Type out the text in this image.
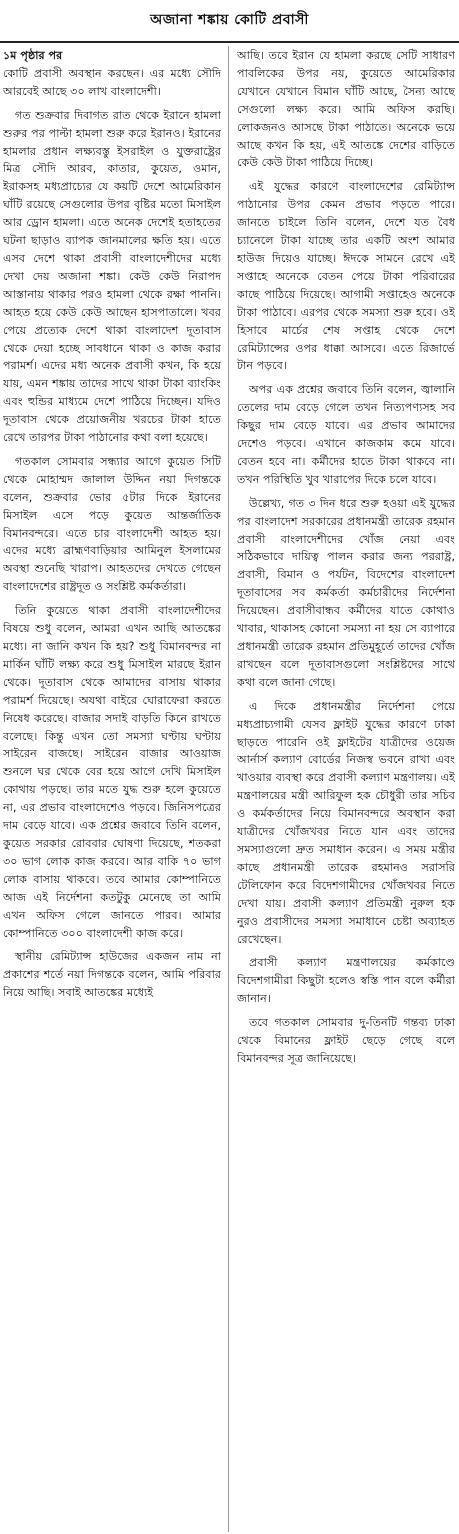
অজানা শঙ্কায় কোটি প্রবাসী
১ম পৃষ্ঠার পর

কোটি প্রবাসী অবস্থান করছেন। এর মধ্যে সৌদি আরবেই আছে ৩০ লাখ বাংলাদেশী।

গত শুক্রবার দিবাগত রাত থেকে ইরানে হামলা শুরুর পর পাল্টা হামলা শুরু করে ইরানও। ইরানের হামলার প্রধান লক্ষ্যবস্তু ইসরাইল ও যুক্তরাষ্ট্রের মিত্র সৌদি আরব, কাতার, কুয়েত, ওমান, ইরাকসহ মধ্যপ্রাচ্যের যে কয়টি দেশে আমেরিকান ঘাঁটি রয়েছে সেগুলোর উপর বৃষ্টির মতো মিসাইল আর ড্রোন হামলা। এতে অনেক দেশেই হতাহতের ঘটনা ছাড়াও ব্যাপক জানমালের ক্ষতি হয়। এতে এসব দেশে থাকা প্রবাসী বাংলাদেশীদের মধ্যে দেখা দেয় অজানা শঙ্কা। কেউ কেউ নিরাপদ আস্তানায় থাকার পরও হামলা থেকে রক্ষা পাননি। আহত হয়ে কেউ কেউ আছেন হাসপাতালে। খবর পেয়ে প্রত্যেক দেশে থাকা বাংলাদেশ দূতাবাস থেকে দেয়া হচ্ছে সাবধানে থাকা ও কাজ করার পরামর্শ। এদের মধ্য অনেক প্রবাসী কখন, কি হয়ে যায়, এমন শঙ্কায় তাদের সাথে থাকা টাকা ব্যাংকিং এবং হুন্ডির মাধ্যমে দেশে পাঠিয়ে দিচ্ছেন। যদিও দূতাবাস থেকে প্রয়োজনীয় খরচের টাকা হাতে রেখে তারপর টাকা পাঠানোর কথা বলা হয়েছে।

গতকাল সোমবার সন্ধ্যার আগে কুয়েত সিটি থেকে মোহাম্মদ জালাল উদ্দিন নয়া দিগন্তকে বলেন, শুক্রবার ভোর ৫টার দিকে ইরানের মিসাইল এসে পড়ে কুয়েত আন্তর্জাতিক বিমানবন্দরে। এতে চার বাংলাদেশী আহত হয়। এদের মধ্যে ব্রাহ্মণবাড়িয়ার আমিনুল ইসলামের অবস্থা শুনেছি খারাপ। আহতদের দেখতে গেছেন বাংলাদেশের রাষ্ট্রদূত ও সংশ্লিষ্ট কর্মকর্তারা।

তিনি কুয়েতে থাকা প্রবাসী বাংলাদেশীদের বিষয়ে শুধু বলেন, আমরা এখন আছি আতঙ্কের মধ্যে। না জানি কখন কি হয়? শুধু বিমানবন্দর না মার্কিন ঘাঁটি লক্ষ্য করে শুধু মিসাইল মারছে ইরান থেকে। দূতাবাস থেকে আমাদের বাসায় থাকার পরামর্শ দিয়েছে। অযথা বাইরে ঘোরাফেরা করতে নিষেধ করেছে। বাজার সদাই বাড়তি কিনে রাখতে বলেছে। কিন্তু এখন তো সমস্যা ঘণ্টায় ঘণ্টায় সাইরেন বাজছে। সাইরেন বাজার আওয়াজ শুনলে ঘর থেকে বের হয়ে আগে দেখি মিসাইল কোথায় পড়ছে। তার মতে যুদ্ধ শুরু হলে কুয়েতে না, এর প্রভাব বাংলাদেশেও পড়বে। জিনিসপত্রের দাম বেড়ে যাবে। এক প্রশ্নের জবাবে তিনি বলেন, কুয়েত সরকার রোববার ঘোষণা দিয়েছে, শতকরা ৩০ ভাগ লোক কাজ করবে। আর বাকি ৭০ ভাগ লোক বাসায় থাকবে। তবে আমার কোম্পানিতে আজ এই নির্দেশনা কতটুকু মেনেছে তা আমি এখন অফিস গেলে জানতে পারব। আমার কোম্পানিতে ৩০০ বাংলাদেশী কাজ করে।

স্থানীয় রেমিট্যান্স হাউজের একজন নাম না প্রকাশের শর্তে নয়া দিগন্তকে বলেন, আমি পরিবার নিয়ে আছি। সবাই আতঙ্কের মধ্যেই

আছি। তবে ইরান যে হামলা করছে সেটি সাধারণ পাবলিকের উপর নয়, কুয়েতে আমেরিকার যেখানে যেখানে বিমান ঘাঁটি আছে, সৈন্য আছে সেগুলো লক্ষ্য করে। আমি অফিস করছি। লোকজনও আসছে টাকা পাঠাতে। অনেকে ভয়ে আছে কখন কি হয়, এই আতঙ্কে দেশের বাড়িতে কেউ কেউ টাকা পাঠিয়ে দিচ্ছে।

এই যুদ্ধের কারণে বাংলাদেশের রেমিট্যান্স পাঠানোর উপর কেমন প্রভাব পড়তে পারে। জানতে চাইলে তিনি বলেন, দেশে যত বৈধ চ্যানেলে টাকা যাচ্ছে তার একটি অংশ আমার হাউজ দিয়েও যাচ্ছে। ঈদকে সামনে রেখে এই সপ্তাহে অনেকে বেতন পেয়ে টাকা পরিবারের কাছে পাঠিয়ে দিয়েছে। আগামী সপ্তাহেও অনেকে টাকা পাঠাবে। এরপর থেকে সমস্যা শুরু হবে। ওই হিসাবে মার্চের শেষ সপ্তাহ থেকে দেশে রেমিট্যান্সের ওপর ধাক্কা আসবে। এতে রিজার্ভে টান পড়বে।

অপর এক প্রশ্নের জবাবে তিনি বলেন, জ্বালানি তেলের দাম বেড়ে গেলে তখন নিত্যপণ্যসহ সব কিছুর দাম বেড়ে যাবে। এর প্রভাব আমাদের দেশেও পড়বে। এখানে কাজকাম কমে যাবে। বেতন হবে না। কর্মীদের হাতে টাকা থাকবে না। তখন পরিস্থিতি খুব খারাপের দিকে চলে যাবে।

উল্লেখ্য, গত ৩ দিন ধরে শুরু হওয়া এই যুদ্ধের পর বাংলাদেশ সরকারের প্রধানমন্ত্রী তারেক রহমান প্রবাসী বাংলাদেশীদের খোঁজ নেয়া এবং সঠিকভাবে দায়িত্ব পালন করার জন্য পররাষ্ট্র, প্রবাসী, বিমান ও পর্যটন, বিদেশের বাংলাদেশ দূতাবাসের সব কর্মকর্তা কর্মচারীদের নির্দেশনা দিয়েছেন। প্রবাসীবান্ধব কর্মীদের যাতে কোথাও খাবার, থাকাসহ কোনো সমস্যা না হয় সে ব্যাপারে প্রধানমন্ত্রী তারেক রহমান প্রতিমুহূর্তে তাদের খোঁজ রাখছেন বলে দূতাবাসগুলো সংশ্লিষ্টদের সাথে কথা বলে জানা গেছে।

এ দিকে প্রধানমন্ত্রীর নির্দেশনা পেয়ে মধ্যপ্রাচ্যগামী যেসব ফ্লাইট যুদ্ধের কারণে ঢাকা ছাড়তে পারেনি ওই ফ্লাইটের যাত্রীদের ওয়েজ আর্নার্স কল্যাণ বোর্ডের নিজস্ব ভবনে রাখা এবং খাওয়ার ব্যবস্থা করে প্রবাসী কল্যাণ মন্ত্রণালয়। এই মন্ত্রণালয়ের মন্ত্রী আরিফুল হক চৌধুরী তার সচিব ও কর্মকর্তাদের নিয়ে বিমানবন্দরে অবস্থান করা যাত্রীদের খোঁজখবর নিতে যান এবং তাদের সমস্যাগুলো দ্রুত সমাধান করেন। এ সময় মন্ত্রীর কাছে প্রধানমন্ত্রী তারেক রহমানও সরাসরি টেলিফোন করে বিদেশগামীদের খোঁজখবর নিতে দেখা যায়। প্রবাসী কল্যাণ প্রতিমন্ত্রী নুরুল হক নুরও প্রবাসীদের সমস্যা সমাধানে চেষ্টা অব্যাহত রেখেছেন।

প্রবাসী কল্যাণ মন্ত্রণালয়ের কর্মকাণ্ডে বিদেশগামীরা কিছুটা হলেও স্বস্তি পান বলে কর্মীরা জানান।

তবে গতকাল সোমবার দু-তিনটি গন্তব্য ঢাকা থেকে বিমানের ফ্লাইট ছেড়ে গেছে বলে বিমানবন্দর সূত্র জানিয়েছে।
